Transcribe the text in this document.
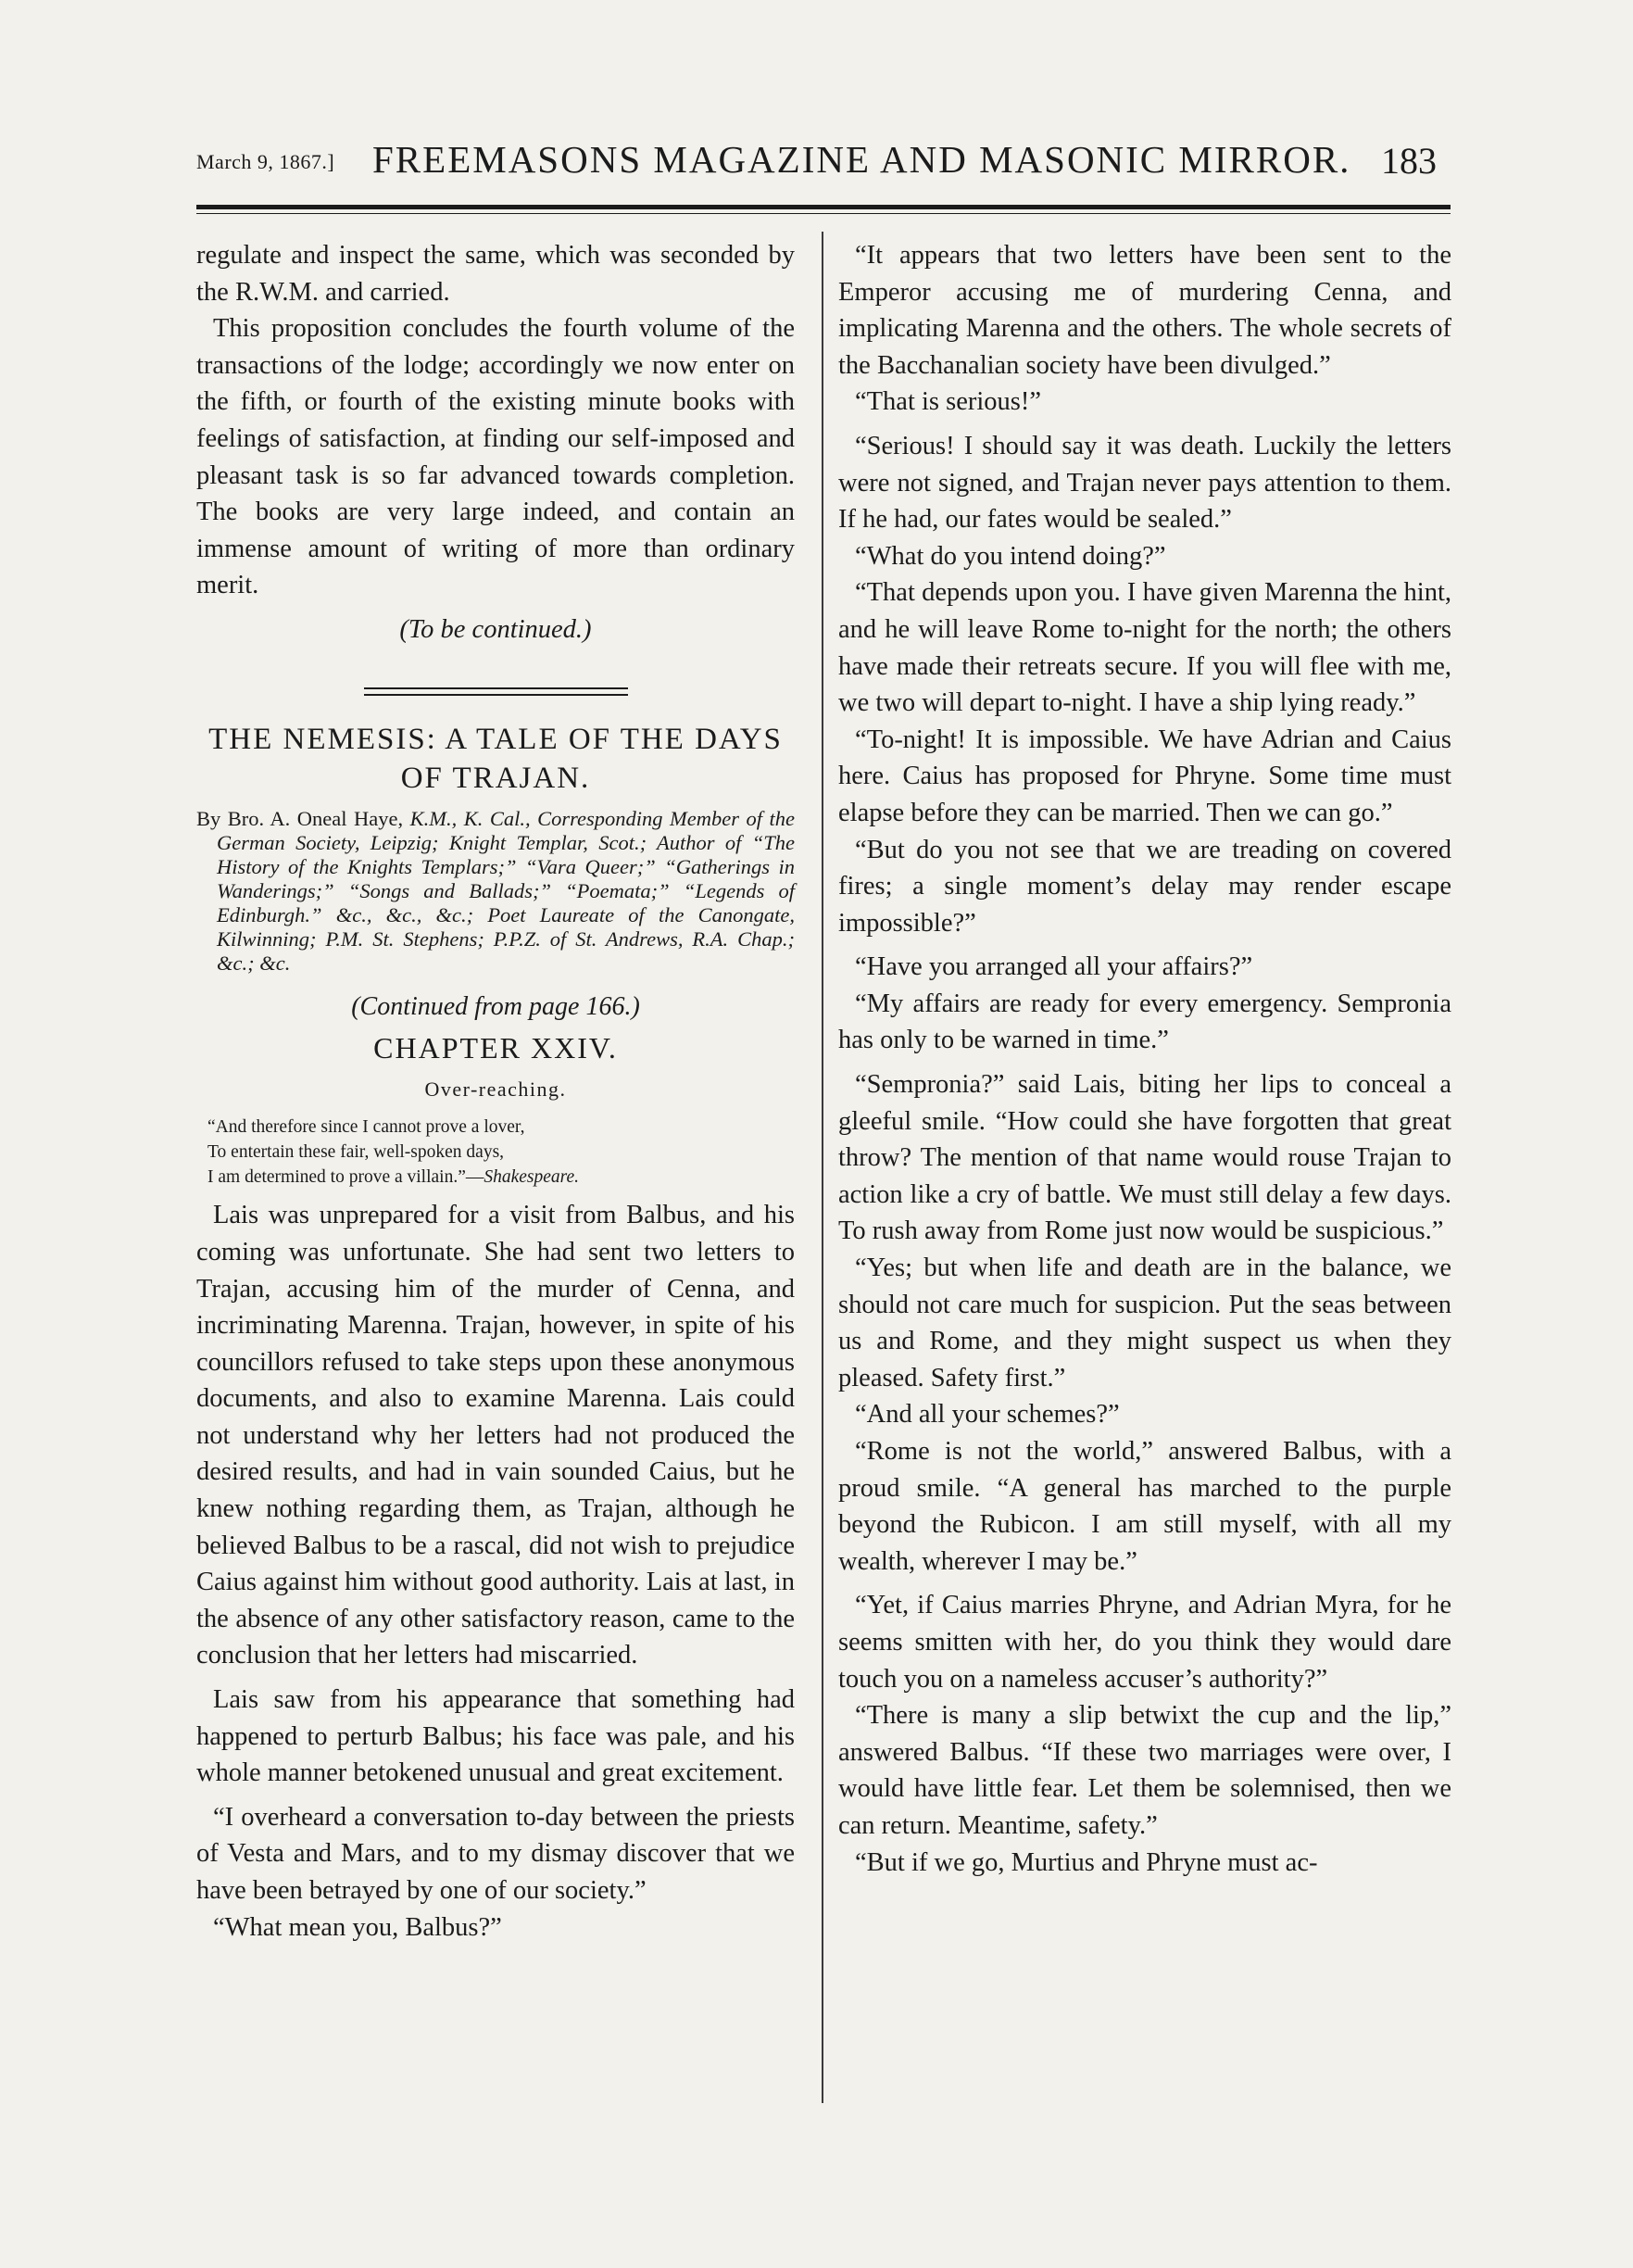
March 9, 1867.] FREEMASONS MAGAZINE AND MASONIC MIRROR. 183

regulate and inspect the same, which was seconded by the R.W.M. and carried.

This proposition concludes the fourth volume of the transactions of the lodge; accordingly we now enter on the fifth, or fourth of the existing minute books with feelings of satisfaction, at finding our self-imposed and pleasant task is so far advanced towards completion. The books are very large indeed, and contain an immense amount of writing of more than ordinary merit.

(To be continued.)
THE NEMESIS: A TALE OF THE DAYS OF TRAJAN.
By Bro. A. Oneal Haye, K.M., K. Cal., Corresponding Member of the German Society, Leipzig; Knight Templar, Scot.; Author of “The History of the Knights Templars;” “Vara Queer;” “Gatherings in Wanderings;” “Songs and Ballads;” “Poemata;” “Legends of Edinburgh.” &c., &c., &c.; Poet Laureate of the Canongate, Kilwinning; P.M. St. Stephens; P.P.Z. of St. Andrews, R.A. Chap.; &c.; &c.
(Continued from page 166.)
CHAPTER XXIV.
Over-reaching.
“And therefore since I cannot prove a lover,
To entertain these fair, well-spoken days,
I am determined to prove a villain.”—Shakespeare.

Lais was unprepared for a visit from Balbus, and his coming was unfortunate. She had sent two letters to Trajan, accusing him of the murder of Cenna, and incriminating Marenna. Trajan, however, in spite of his councillors refused to take steps upon these anonymous documents, and also to examine Marenna. Lais could not understand why her letters had not produced the desired results, and had in vain sounded Caius, but he knew nothing regarding them, as Trajan, although he believed Balbus to be a rascal, did not wish to prejudice Caius against him without good authority. Lais at last, in the absence of any other satisfactory reason, came to the conclusion that her letters had miscarried.

Lais saw from his appearance that something had happened to perturb Balbus; his face was pale, and his whole manner betokened unusual and great excitement.

“I overheard a conversation to-day between the priests of Vesta and Mars, and to my dismay discover that we have been betrayed by one of our society.”

“What mean you, Balbus?”

“It appears that two letters have been sent to the Emperor accusing me of murdering Cenna, and implicating Marenna and the others. The whole secrets of the Bacchanalian society have been divulged.”

“That is serious!”

“Serious! I should say it was death. Luckily the letters were not signed, and Trajan never pays attention to them. If he had, our fates would be sealed.”

“What do you intend doing?”

“That depends upon you. I have given Marenna the hint, and he will leave Rome to-night for the north; the others have made their retreats secure. If you will flee with me, we two will depart to-night. I have a ship lying ready.”

“To-night! It is impossible. We have Adrian and Caius here. Caius has proposed for Phryne. Some time must elapse before they can be married. Then we can go.”

“But do you not see that we are treading on covered fires; a single moment’s delay may render escape impossible?”

“Have you arranged all your affairs?”

“My affairs are ready for every emergency. Sempronia has only to be warned in time.”

“Sempronia?” said Lais, biting her lips to conceal a gleeful smile. “How could she have forgotten that great throw? The mention of that name would rouse Trajan to action like a cry of battle. We must still delay a few days. To rush away from Rome just now would be suspicious.”

“Yes; but when life and death are in the balance, we should not care much for suspicion. Put the seas between us and Rome, and they might suspect us when they pleased. Safety first.”

“And all your schemes?”

“Rome is not the world,” answered Balbus, with a proud smile. “A general has marched to the purple beyond the Rubicon. I am still myself, with all my wealth, wherever I may be.”

“Yet, if Caius marries Phryne, and Adrian Myra, for he seems smitten with her, do you think they would dare touch you on a nameless accuser’s authority?”

“There is many a slip betwixt the cup and the lip,” answered Balbus. “If these two marriages were over, I would have little fear. Let them be solemnised, then we can return. Meantime, safety.”

“But if we go, Murtius and Phryne must ac-
